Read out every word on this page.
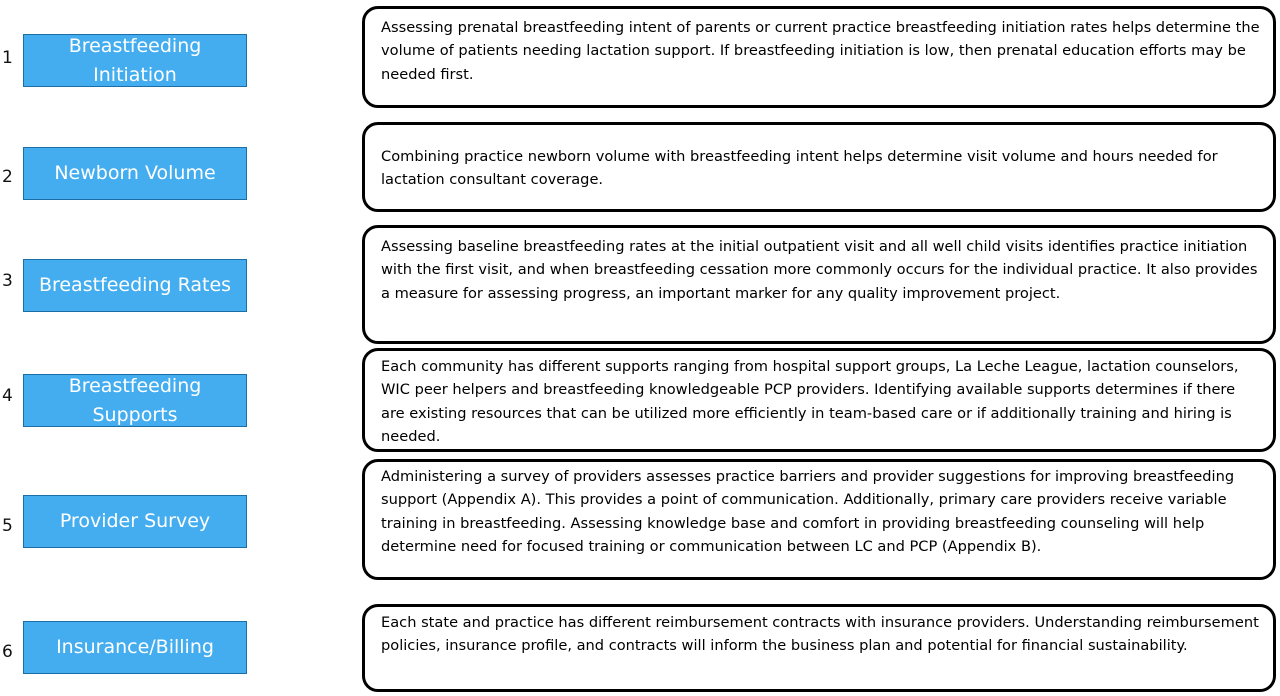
1
Breastfeeding Initiation
Assessing prenatal breastfeeding intent of parents or current practice breastfeeding initiation rates helps determine the volume of patients needing lactation support. If breastfeeding initiation is low, then prenatal education efforts may be needed first.
2 Newborn Volume
Combining practice newborn volume with breastfeeding intent helps determine visit volume and hours needed for lactation consultant coverage.
3 Breastfeeding Rates
Assessing baseline breastfeeding rates at the initial outpatient visit and all well child visits identifies practice initiation with the first visit, and when breastfeeding cessation more commonly occurs for the individual practice. It also provides a measure for assessing progress, an important marker for any quality improvement project.
4	Breastfeeding Supports
Each community has different supports ranging from hospital support groups, La Leche League, lactation counselors, WIC peer helpers and breastfeeding knowledgeable PCP providers. Identifying available supports determines if there are existing resources that can be utilized more efficiently in team-based care or if additionally training and hiring is needed.
5 Provider Survey
Administering a survey of providers assesses practice barriers and provider suggestions for improving breastfeeding support (Appendix A). This provides a point of communication. Additionally, primary care providers receive variable training in breastfeeding. Assessing knowledge base and comfort in providing breastfeeding counseling will help determine need for focused training or communication between LC and PCP (Appendix B).
6 Insurance/Billing
Each state and practice has different reimbursement contracts with insurance providers. Understanding reimbursement policies, insurance profile, and contracts will inform the business plan and potential for financial sustainability.
